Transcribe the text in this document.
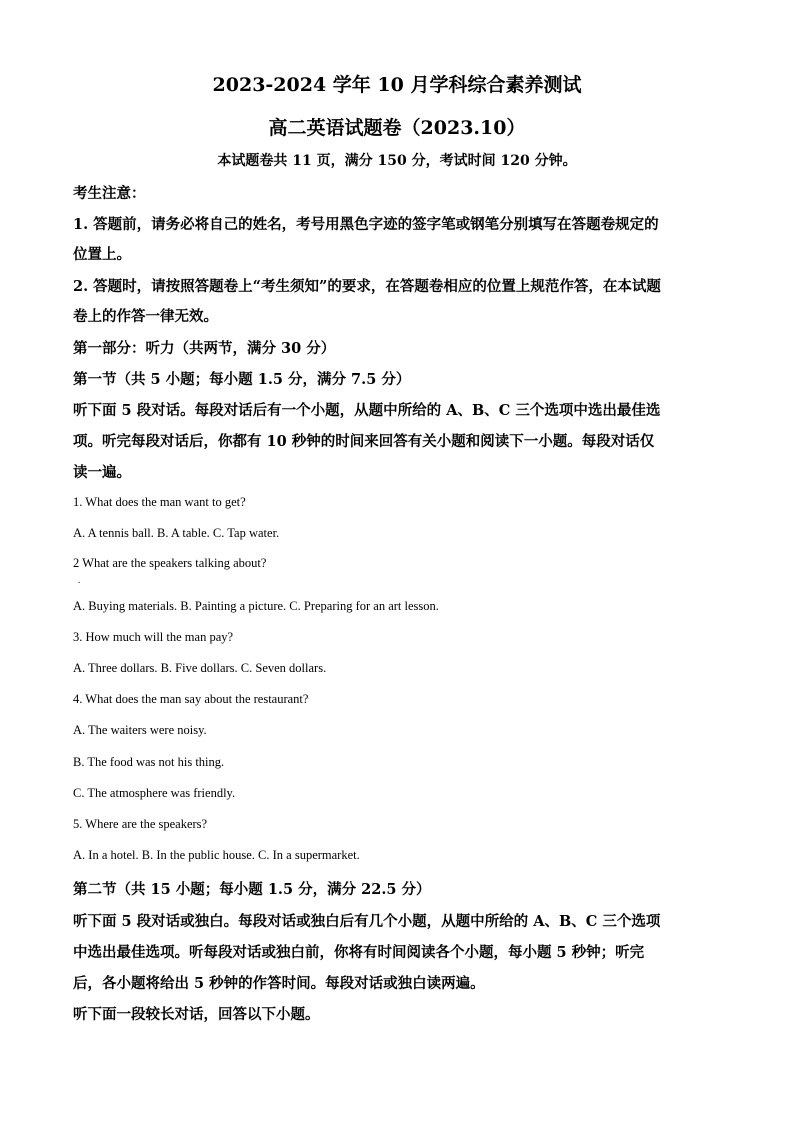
2023-2024 学年 10 月学科综合素养测试
高二英语试题卷（2023.10）
本试题卷共 11 页，满分 150 分，考试时间 120 分钟。
考生注意：
1. 答题前，请务必将自己的姓名，考号用黑色字迹的签字笔或钢笔分别填写在答题卷规定的
位置上。
2. 答题时，请按照答题卷上“考生须知”的要求，在答题卷相应的位置上规范作答，在本试题
卷上的作答一律无效。
第一部分：听力（共两节，满分 30 分）
第一节（共 5 小题；每小题 1.5 分，满分 7.5 分）
听下面 5 段对话。每段对话后有一个小题，从题中所给的 A、B、C 三个选项中选出最佳选
项。听完每段对话后，你都有 10 秒钟的时间来回答有关小题和阅读下一小题。每段对话仅
读一遍。
1. What does the man want to get?
A. A tennis ball. B. A table. C. Tap water.
2 What are the speakers talking about?
.
A. Buying materials. B. Painting a picture. C. Preparing for an art lesson.
3. How much will the man pay?
A. Three dollars. B. Five dollars. C. Seven dollars.
4. What does the man say about the restaurant?
A. The waiters were noisy.
B. The food was not his thing.
C. The atmosphere was friendly.
5. Where are the speakers?
A. In a hotel. B. In the public house. C. In a supermarket.
第二节（共 15 小题；每小题 1.5 分，满分 22.5 分）
听下面 5 段对话或独白。每段对话或独白后有几个小题，从题中所给的 A、B、C 三个选项
中选出最佳选项。听每段对话或独白前，你将有时间阅读各个小题，每小题 5 秒钟；听完
后，各小题将给出 5 秒钟的作答时间。每段对话或独白读两遍。
听下面一段较长对话，回答以下小题。
